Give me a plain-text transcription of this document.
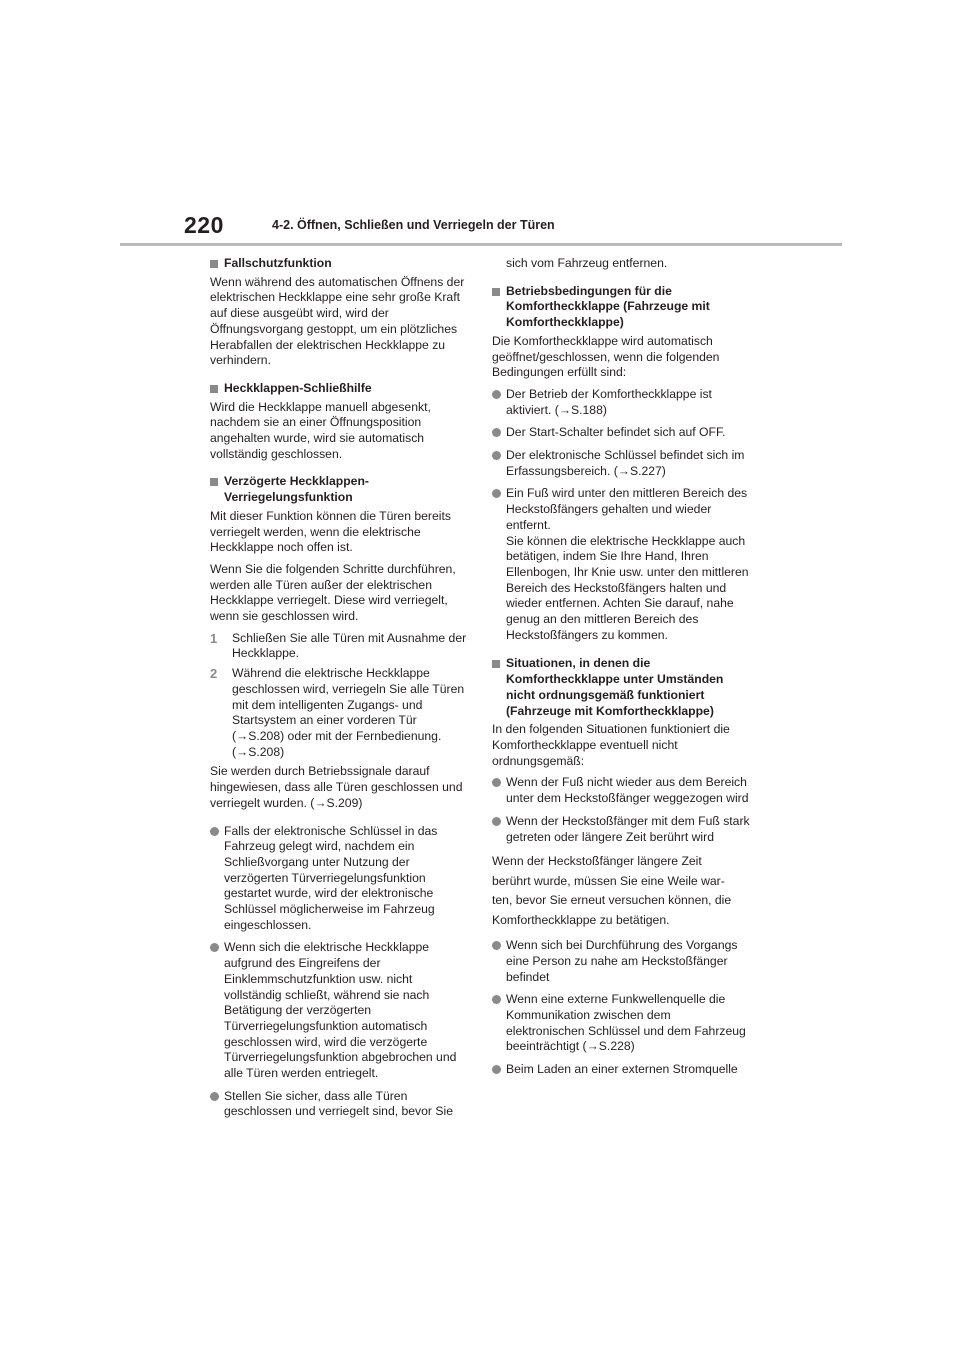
220	4-2. Öffnen, Schließen und Verriegeln der Türen
Fallschutzfunktion
Wenn während des automatischen Öffnens der elektrischen Heckklappe eine sehr große Kraft auf diese ausgeübt wird, wird der Öffnungsvorgang gestoppt, um ein plötzliches Herabfallen der elektrischen Heckklappe zu verhindern.
Heckklappen-Schließhilfe
Wird die Heckklappe manuell abgesenkt, nachdem sie an einer Öffnungsposition angehalten wurde, wird sie automatisch vollständig geschlossen.
Verzögerte Heckklappen-Verriegelungsfunktion
Mit dieser Funktion können die Türen bereits verriegelt werden, wenn die elektrische Heckklappe noch offen ist.
Wenn Sie die folgenden Schritte durchführen, werden alle Türen außer der elektrischen Heckklappe verriegelt. Diese wird verriegelt, wenn sie geschlossen wird.
1 Schließen Sie alle Türen mit Ausnahme der Heckklappe.
2 Während die elektrische Heckklappe geschlossen wird, verriegeln Sie alle Türen mit dem intelligenten Zugangs- und Startsystem an einer vorderen Tür (→S.208) oder mit der Fernbedienung. (→S.208)
Sie werden durch Betriebssignale darauf hingewiesen, dass alle Türen geschlossen und verriegelt wurden. (→S.209)
Falls der elektronische Schlüssel in das Fahrzeug gelegt wird, nachdem ein Schließvorgang unter Nutzung der verzögerten Türverriegelungsfunktion gestartet wurde, wird der elektronische Schlüssel möglicherweise im Fahrzeug eingeschlossen.
Wenn sich die elektrische Heckklappe aufgrund des Eingreifens der Einklemmschutzfunktion usw. nicht vollständig schließt, während sie nach Betätigung der verzögerten Türverriegelungsfunktion automatisch geschlossen wird, wird die verzögerte Türverriegelungsfunktion abgebrochen und alle Türen werden entriegelt.
Stellen Sie sicher, dass alle Türen geschlossen und verriegelt sind, bevor Sie
sich vom Fahrzeug entfernen.
Betriebsbedingungen für die Komfortheckklappe (Fahrzeuge mit Komfortheckklappe)
Die Komfortheckklappe wird automatisch geöffnet/geschlossen, wenn die folgenden Bedingungen erfüllt sind:
Der Betrieb der Komfortheckklappe ist aktiviert. (→S.188)
Der Start-Schalter befindet sich auf OFF.
Der elektronische Schlüssel befindet sich im Erfassungsbereich. (→S.227)
Ein Fuß wird unter den mittleren Bereich des Heckstoßfängers gehalten und wieder entfernt.
Sie können die elektrische Heckklappe auch betätigen, indem Sie Ihre Hand, Ihren Ellenbogen, Ihr Knie usw. unter den mittleren Bereich des Heckstoßfängers halten und wieder entfernen. Achten Sie darauf, nahe genug an den mittleren Bereich des Heckstoßfängers zu kommen.
Situationen, in denen die Komfortheckklappe unter Umständen nicht ordnungsgemäß funktioniert (Fahrzeuge mit Komfortheckklappe)
In den folgenden Situationen funktioniert die Komfortheckklappe eventuell nicht ordnungsgemäß:
Wenn der Fuß nicht wieder aus dem Bereich unter dem Heckstoßfänger weggezogen wird
Wenn der Heckstoßfänger mit dem Fuß stark getreten oder längere Zeit berührt wird
Wenn der Heckstoßfänger längere Zeit
berührt wurde, müssen Sie eine Weile war-
ten, bevor Sie erneut versuchen können, die
Komfortheckklappe zu betätigen.
Wenn sich bei Durchführung des Vorgangs eine Person zu nahe am Heckstoßfänger befindet
Wenn eine externe Funkwellenquelle die Kommunikation zwischen dem elektronischen Schlüssel und dem Fahrzeug beeinträchtigt (→S.228)
Beim Laden an einer externen Stromquelle
